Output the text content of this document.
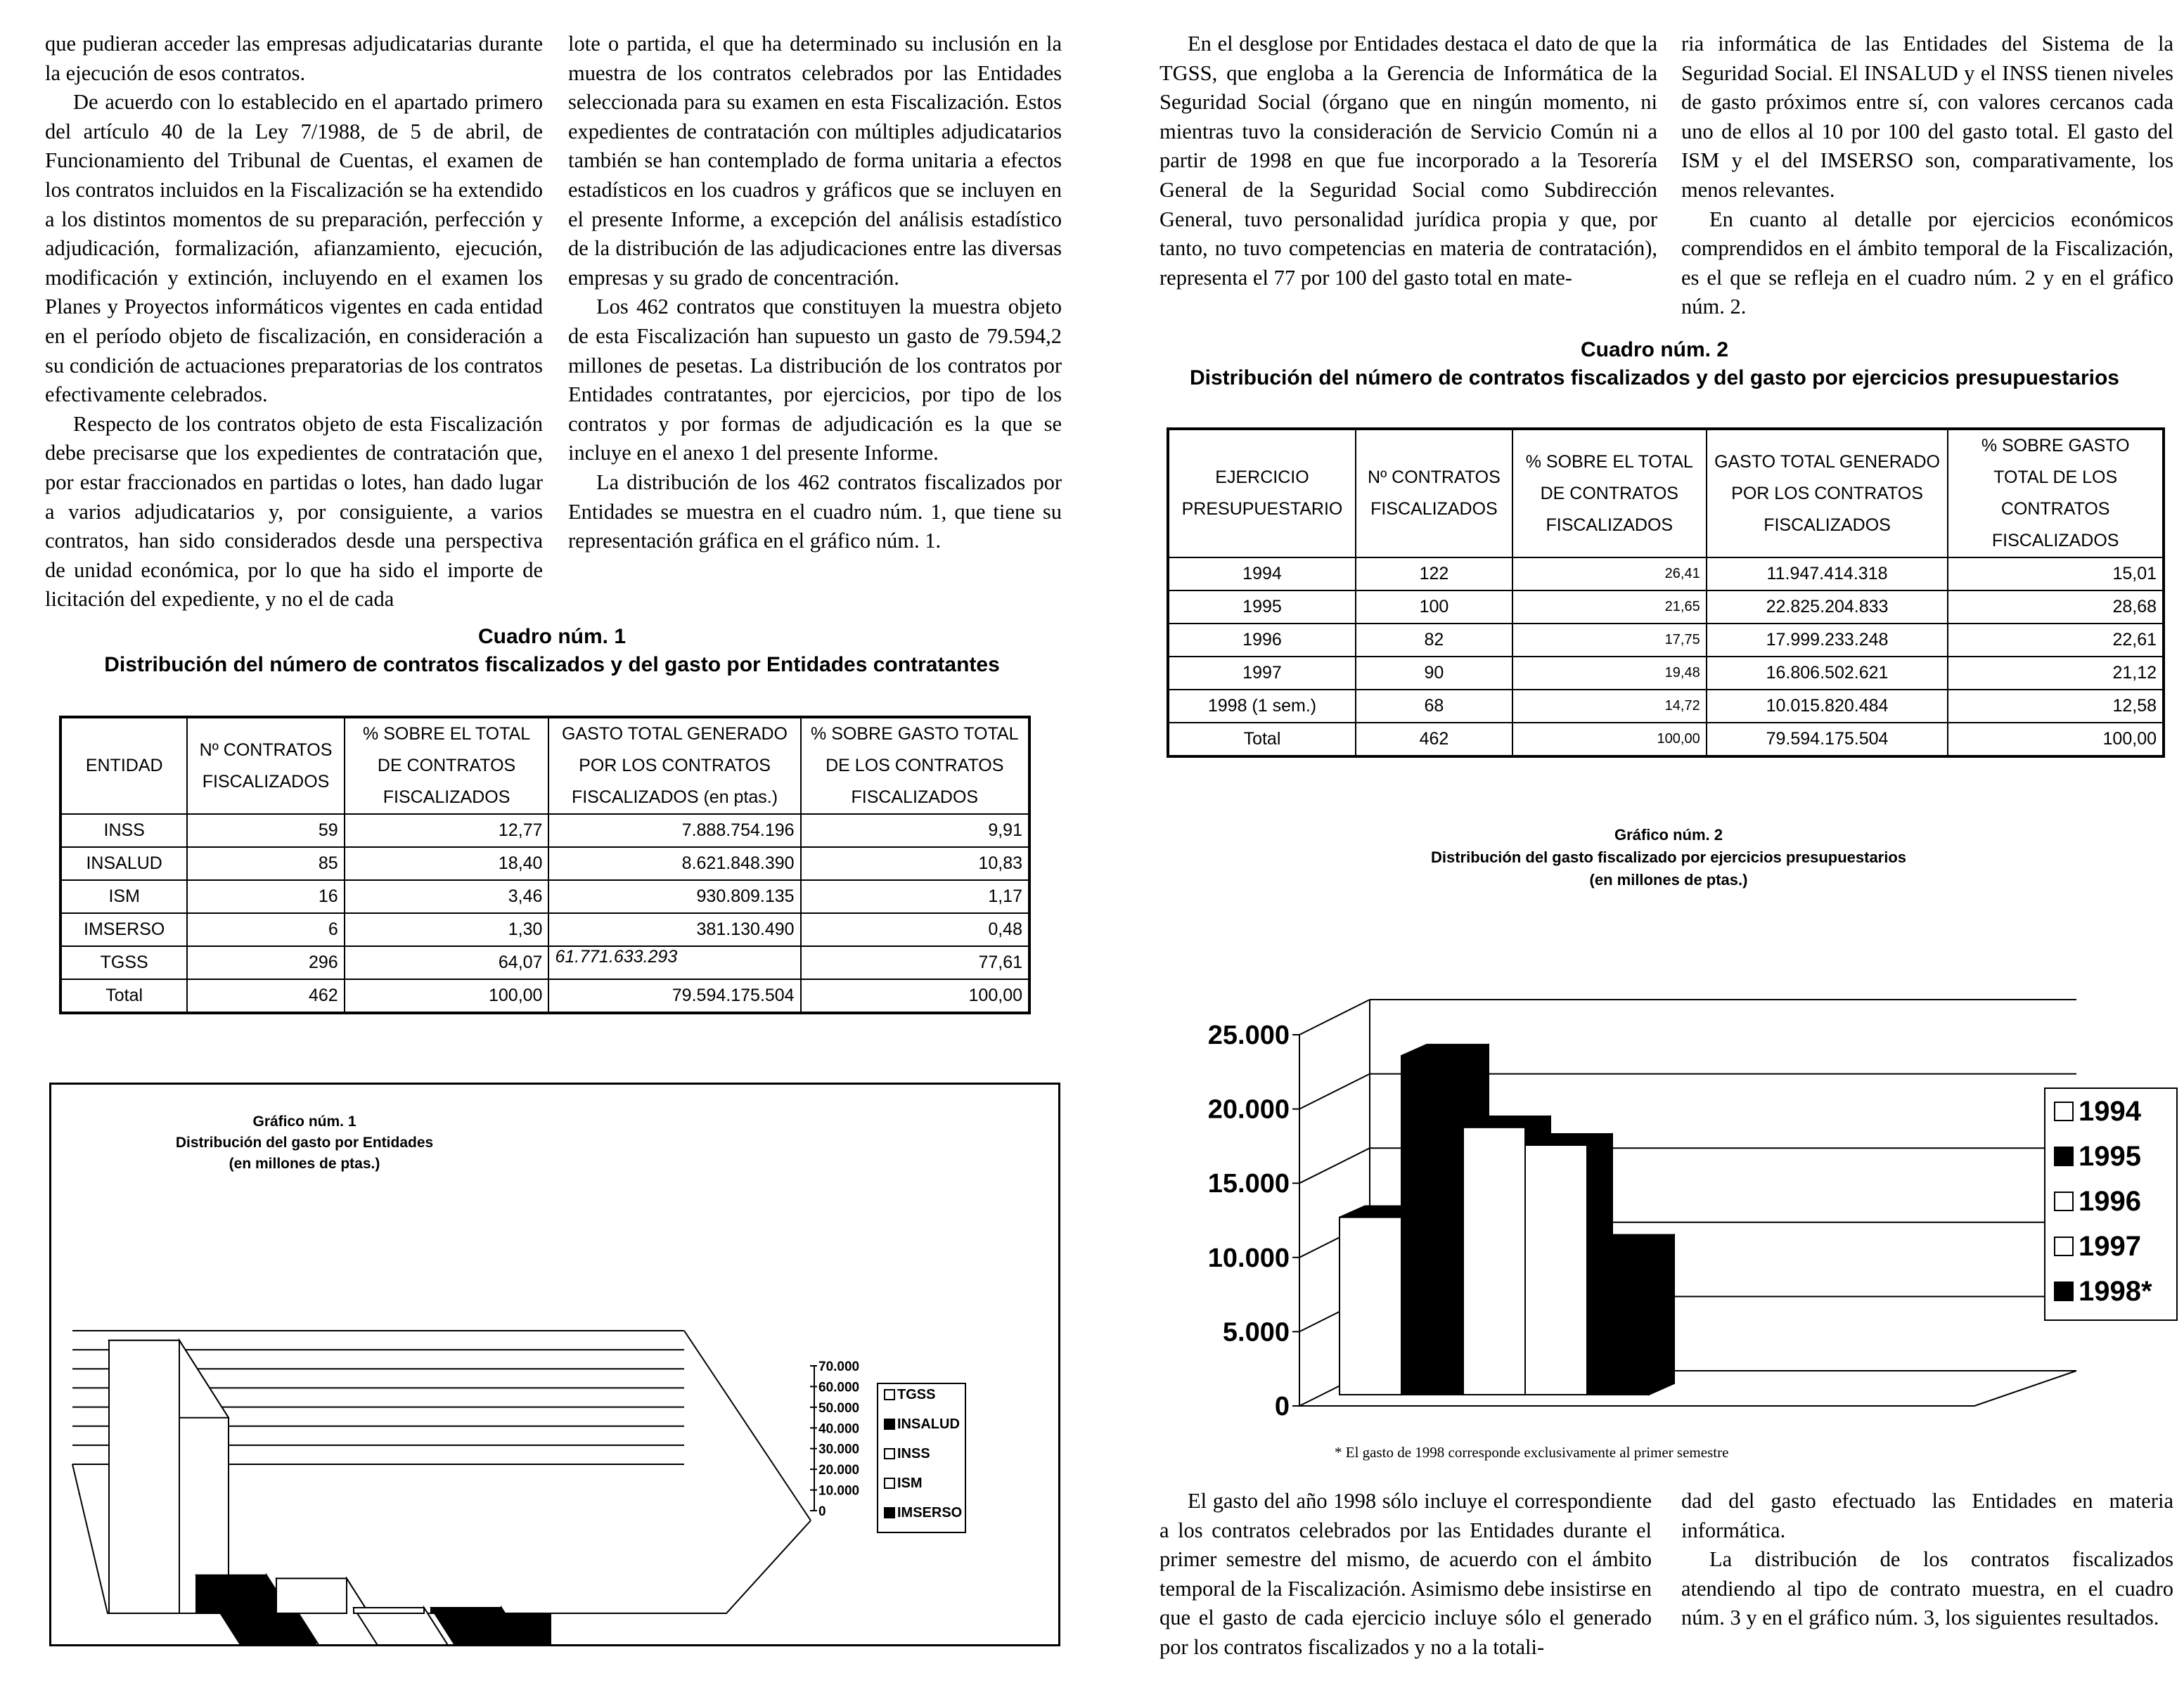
que pudieran acceder las empresas adjudicatarias durante la ejecución de esos contratos.

De acuerdo con lo establecido en el apartado primero del artículo 40 de la Ley 7/1988, de 5 de abril, de Funcionamiento del Tribunal de Cuentas, el examen de los contratos incluidos en la Fiscalización se ha extendido a los distintos momentos de su preparación, perfección y adjudicación, formalización, afianzamiento, ejecución, modificación y extinción, incluyendo en el examen los Planes y Proyectos informáticos vigentes en cada entidad en el período objeto de fiscalización, en consideración a su condición de actuaciones preparatorias de los contratos efectivamente celebrados.

Respecto de los contratos objeto de esta Fiscalización debe precisarse que los expedientes de contratación que, por estar fraccionados en partidas o lotes, han dado lugar a varios adjudicatarios y, por consiguiente, a varios contratos, han sido considerados desde una perspectiva de unidad económica, por lo que ha sido el importe de licitación del expediente, y no el de cada

lote o partida, el que ha determinado su inclusión en la muestra de los contratos celebrados por las Entidades seleccionada para su examen en esta Fiscalización. Estos expedientes de contratación con múltiples adjudicatarios también se han contemplado de forma unitaria a efectos estadísticos en los cuadros y gráficos que se incluyen en el presente Informe, a excepción del análisis estadístico de la distribución de las adjudicaciones entre las diversas empresas y su grado de concentración.

Los 462 contratos que constituyen la muestra objeto de esta Fiscalización han supuesto un gasto de 79.594,2 millones de pesetas. La distribución de los contratos por Entidades contratantes, por ejercicios, por tipo de los contratos y por formas de adjudicación es la que se incluye en el anexo 1 del presente Informe.

La distribución de los 462 contratos fiscalizados por Entidades se muestra en el cuadro núm. 1, que tiene su representación gráfica en el gráfico núm. 1.

Cuadro núm. 1
Distribución del número de contratos fiscalizados y del gasto por Entidades contratantes
ENTIDAD	Nº CONTRATOS FISCALIZADOS	% SOBRE EL TOTAL DE CONTRATOS FISCALIZADOS	GASTO TOTAL GENERADO POR LOS CONTRATOS FISCALIZADOS (en ptas.)	% SOBRE GASTO TOTAL DE LOS CONTRATOS FISCALIZADOS
INSS	59	12,77	7.888.754.196	9,91
INSALUD	85	18,40	8.621.848.390	10,83
ISM	16	3,46	930.809.135	1,17
IMSERSO	6	1,30	381.130.490	0,48
TGSS	296	64,07	61.771.633.293	77,61
Total	462	100,00	79.594.175.504	100,00
Gráfico núm. 1
Distribución del gasto por Entidades
(en millones de ptas.)
0
10.000
20.000
30.000
40.000
50.000
60.000
70.000
TGSS
INSALUD
INSS
ISM
IMSERSO

En el desglose por Entidades destaca el dato de que la TGSS, que engloba a la Gerencia de Informática de la Seguridad Social (órgano que en ningún momento, ni mientras tuvo la consideración de Servicio Común ni a partir de 1998 en que fue incorporado a la Tesorería General de la Seguridad Social como Subdirección General, tuvo personalidad jurídica propia y que, por tanto, no tuvo competencias en materia de contratación), representa el 77 por 100 del gasto total en mate-

ria informática de las Entidades del Sistema de la Seguridad Social. El INSALUD y el INSS tienen niveles de gasto próximos entre sí, con valores cercanos cada uno de ellos al 10 por 100 del gasto total. El gasto del ISM y el del IMSERSO son, comparativamente, los menos relevantes.

En cuanto al detalle por ejercicios económicos comprendidos en el ámbito temporal de la Fiscalización, es el que se refleja en el cuadro núm. 2 y en el gráfico núm. 2.

Cuadro núm. 2
Distribución del número de contratos fiscalizados y del gasto por ejercicios presupuestarios
EJERCICIO PRESUPUESTARIO	Nº CONTRATOS FISCALIZADOS	% SOBRE EL TOTAL DE CONTRATOS FISCALIZADOS	GASTO TOTAL GENERADO POR LOS CONTRATOS FISCALIZADOS	% SOBRE GASTO TOTAL DE LOS CONTRATOS FISCALIZADOS
1994	122	26,41	11.947.414.318	15,01
1995	100	21,65	22.825.204.833	28,68
1996	82	17,75	17.999.233.248	22,61
1997	90	19,48	16.806.502.621	21,12
1998 (1 sem.)	68	14,72	10.015.820.484	12,58
Total	462	100,00	79.594.175.504	100,00
Gráfico núm. 2
Distribución del gasto fiscalizado por ejercicios presupuestarios
(en millones de ptas.)
0
5.000
10.000
15.000
20.000
25.000
1994
1995
1996
1997
1998*
* El gasto de 1998 corresponde exclusivamente al primer semestre

El gasto del año 1998 sólo incluye el correspondiente a los contratos celebrados por las Entidades durante el primer semestre del mismo, de acuerdo con el ámbito temporal de la Fiscalización. Asimismo debe insistirse en que el gasto de cada ejercicio incluye sólo el generado por los contratos fiscalizados y no a la totali-

dad del gasto efectuado las Entidades en materia informática.

La distribución de los contratos fiscalizados atendiendo al tipo de contrato muestra, en el cuadro núm. 3 y en el gráfico núm. 3, los siguientes resultados.
